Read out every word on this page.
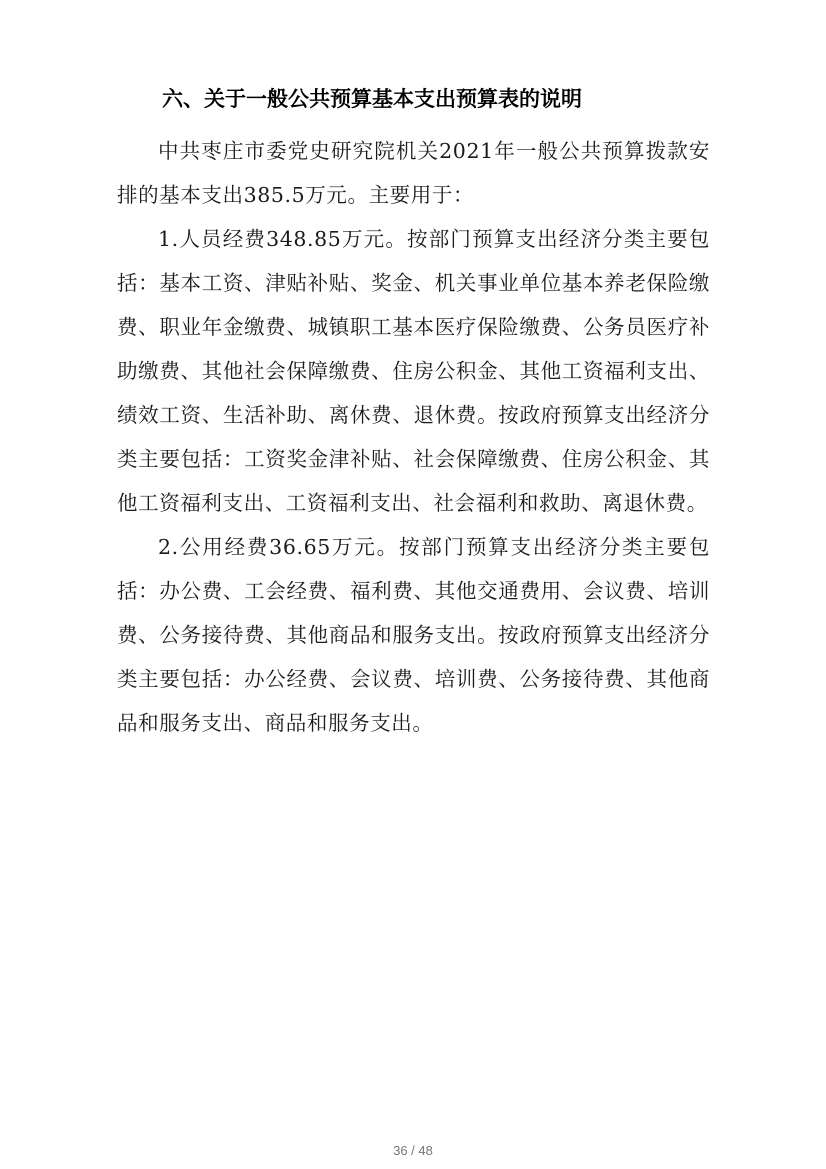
六、关于一般公共预算基本支出预算表的说明

中共枣庄市委党史研究院机关2021年一般公共预算拨款安排的基本支出385.5万元。主要用于：

1.人员经费348.85万元。按部门预算支出经济分类主要包括：基本工资、津贴补贴、奖金、机关事业单位基本养老保险缴费、职业年金缴费、城镇职工基本医疗保险缴费、公务员医疗补助缴费、其他社会保障缴费、住房公积金、其他工资福利支出、绩效工资、生活补助、离休费、退休费。按政府预算支出经济分类主要包括：工资奖金津补贴、社会保障缴费、住房公积金、其他工资福利支出、工资福利支出、社会福利和救助、离退休费。

2.公用经费36.65万元。按部门预算支出经济分类主要包括：办公费、工会经费、福利费、其他交通费用、会议费、培训费、公务接待费、其他商品和服务支出。按政府预算支出经济分类主要包括：办公经费、会议费、培训费、公务接待费、其他商品和服务支出、商品和服务支出。

36 / 48
